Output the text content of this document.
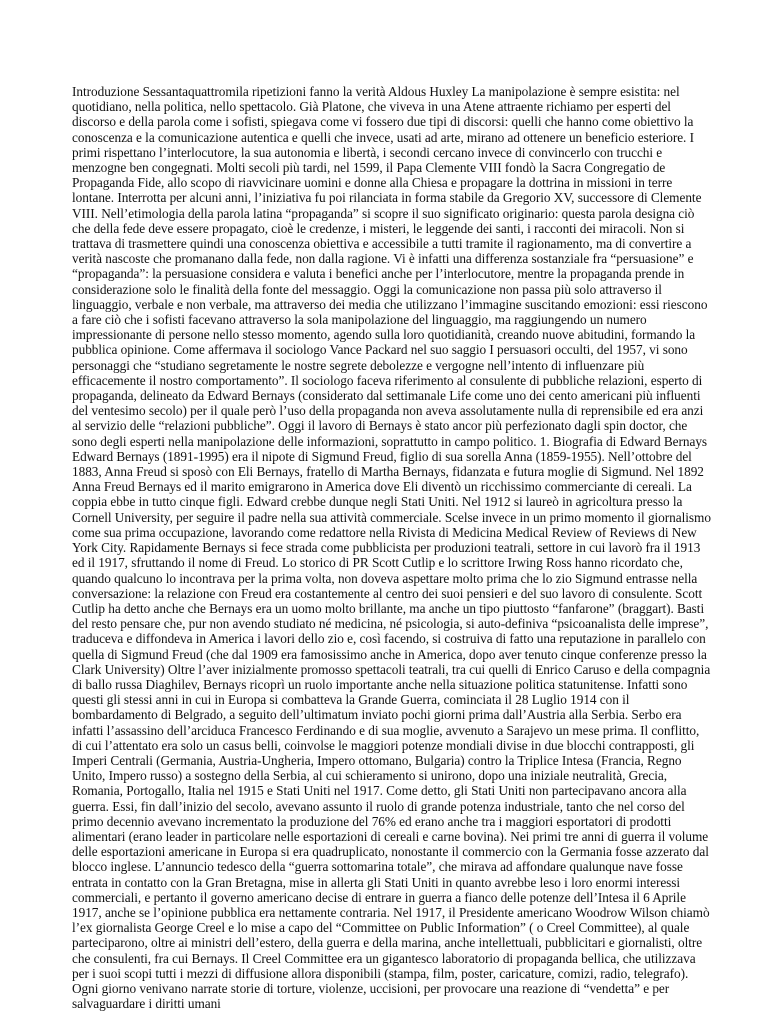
Introduzione Sessantaquattromila ripetizioni fanno la verità Aldous Huxley La manipolazione è sempre esistita: nel quotidiano, nella politica, nello spettacolo. Già Platone, che viveva in una Atene attraente richiamo per esperti del discorso e della parola come i sofisti, spiegava come vi fossero due tipi di discorsi: quelli che hanno come obiettivo la conoscenza e la comunicazione autentica e quelli che invece, usati ad arte, mirano ad ottenere un beneficio esteriore. I primi rispettano l’interlocutore, la sua autonomia e libertà, i secondi cercano invece di convincerlo con trucchi e menzogne ben congegnati. Molti secoli più tardi, nel 1599, il Papa Clemente VIII fondò la Sacra Congregatio de Propaganda Fide, allo scopo di riavvicinare uomini e donne alla Chiesa e propagare la dottrina in missioni in terre lontane. Interrotta per alcuni anni, l’iniziativa fu poi rilanciata in forma stabile da Gregorio XV, successore di Clemente VIII. Nell’etimologia della parola latina “propaganda” si scopre il suo significato originario: questa parola designa ciò che della fede deve essere propagato, cioè le credenze, i misteri, le leggende dei santi, i racconti dei miracoli. Non si trattava di trasmettere quindi una conoscenza obiettiva e accessibile a tutti tramite il ragionamento, ma di convertire a verità nascoste che promanano dalla fede, non dalla ragione. Vi è infatti una differenza sostanziale fra “persuasione” e “propaganda”: la persuasione considera e valuta i benefici anche per l’interlocutore, mentre la propaganda prende in considerazione solo le finalità della fonte del messaggio. Oggi la comunicazione non passa più solo attraverso il linguaggio, verbale e non verbale, ma attraverso dei media che utilizzano l’immagine suscitando emozioni: essi riescono a fare ciò che i sofisti facevano attraverso la sola manipolazione del linguaggio, ma raggiungendo un numero impressionante di persone nello stesso momento, agendo sulla loro quotidianità, creando nuove abitudini, formando la pubblica opinione. Come affermava il sociologo Vance Packard nel suo saggio I persuasori occulti, del 1957, vi sono personaggi che “studiano segretamente le nostre segrete debolezze e vergogne nell’intento di influenzare più efficacemente il nostro comportamento”. Il sociologo faceva riferimento al consulente di pubbliche relazioni, esperto di propaganda, delineato da Edward Bernays (considerato dal settimanale Life come uno dei cento americani più influenti del ventesimo secolo) per il quale però l’uso della propaganda non aveva assolutamente nulla di reprensibile ed era anzi al servizio delle “relazioni pubbliche”. Oggi il lavoro di Bernays è stato ancor più perfezionato dagli spin doctor, che sono degli esperti nella manipolazione delle informazioni, soprattutto in campo politico. 1. Biografia di Edward Bernays Edward Bernays (1891-1995) era il nipote di Sigmund Freud, figlio di sua sorella Anna (1859-1955). Nell’ottobre del 1883, Anna Freud si sposò con Eli Bernays, fratello di Martha Bernays, fidanzata e futura moglie di Sigmund. Nel 1892 Anna Freud Bernays ed il marito emigrarono in America dove Eli diventò un ricchissimo commerciante di cereali. La coppia ebbe in tutto cinque figli. Edward crebbe dunque negli Stati Uniti. Nel 1912 si laureò in agricoltura presso la Cornell University, per seguire il padre nella sua attività commerciale. Scelse invece in un primo momento il giornalismo come sua prima occupazione, lavorando come redattore nella Rivista di Medicina Medical Review of Reviews di New York City. Rapidamente Bernays si fece strada come pubblicista per produzioni teatrali, settore in cui lavorò fra il 1913 ed il 1917, sfruttando il nome di Freud. Lo storico di PR Scott Cutlip e lo scrittore Irwing Ross hanno ricordato che, quando qualcuno lo incontrava per la prima volta, non doveva aspettare molto prima che lo zio Sigmund entrasse nella conversazione: la relazione con Freud era costantemente al centro dei suoi pensieri e del suo lavoro di consulente. Scott Cutlip ha detto anche che Bernays era un uomo molto brillante, ma anche un tipo piuttosto “fanfarone” (braggart). Basti del resto pensare che, pur non avendo studiato né medicina, né psicologia, si auto-definiva “psicoanalista delle imprese”, traduceva e diffondeva in America i lavori dello zio e, così facendo, si costruiva di fatto una reputazione in parallelo con quella di Sigmund Freud (che dal 1909 era famosissimo anche in America, dopo aver tenuto cinque conferenze presso la Clark University) Oltre l’aver inizialmente promosso spettacoli teatrali, tra cui quelli di Enrico Caruso e della compagnia di ballo russa Diaghilev, Bernays ricoprì un ruolo importante anche nella situazione politica statunitense. Infatti sono questi gli stessi anni in cui in Europa si combatteva la Grande Guerra, cominciata il 28 Luglio 1914 con il bombardamento di Belgrado, a seguito dell’ultimatum inviato pochi giorni prima dall’Austria alla Serbia. Serbo era infatti l’assassino dell’arciduca Francesco Ferdinando e di sua moglie, avvenuto a Sarajevo un mese prima. Il conflitto, di cui l’attentato era solo un casus belli, coinvolse le maggiori potenze mondiali divise in due blocchi contrapposti, gli Imperi Centrali (Germania, Austria-Ungheria, Impero ottomano, Bulgaria) contro la Triplice Intesa (Francia, Regno Unito, Impero russo) a sostegno della Serbia, al cui schieramento si unirono, dopo una iniziale neutralità, Grecia, Romania, Portogallo, Italia nel 1915 e Stati Uniti nel 1917. Come detto, gli Stati Uniti non partecipavano ancora alla guerra. Essi, fin dall’inizio del secolo, avevano assunto il ruolo di grande potenza industriale, tanto che nel corso del primo decennio avevano incrementato la produzione del 76% ed erano anche tra i maggiori esportatori di prodotti alimentari (erano leader in particolare nelle esportazioni di cereali e carne bovina). Nei primi tre anni di guerra il volume delle esportazioni americane in Europa si era quadruplicato, nonostante il commercio con la Germania fosse azzerato dal blocco inglese. L’annuncio tedesco della “guerra sottomarina totale”, che mirava ad affondare qualunque nave fosse entrata in contatto con la Gran Bretagna, mise in allerta gli Stati Uniti in quanto avrebbe leso i loro enormi interessi commerciali, e pertanto il governo americano decise di entrare in guerra a fianco delle potenze dell’Intesa il 6 Aprile 1917, anche se l’opinione pubblica era nettamente contraria. Nel 1917, il Presidente americano Woodrow Wilson chiamò l’ex giornalista George Creel e lo mise a capo del “Committee on Public Information” ( o Creel Committee), al quale parteciparono, oltre ai ministri dell’estero, della guerra e della marina, anche intellettuali, pubblicitari e giornalisti, oltre che consulenti, fra cui Bernays. Il Creel Committee era un gigantesco laboratorio di propaganda bellica, che utilizzava per i suoi scopi tutti i mezzi di diffusione allora disponibili (stampa, film, poster, caricature, comizi, radio, telegrafo). Ogni giorno venivano narrate storie di torture, violenze, uccisioni, per provocare una reazione di “vendetta” e per salvaguardare i diritti umani
